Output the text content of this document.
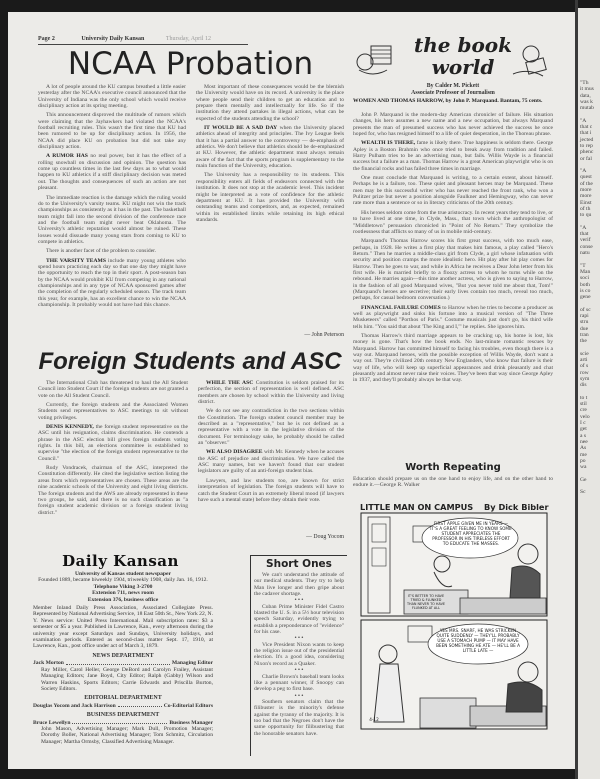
Page 2	University Daily Kansan	Thursday, April 12
NCAA Probation

A lot of people around the KU campus breathed a little easier yesterday after the NCAA's executive council announced that the University of Indiana was the only school which would receive disciplinary action at its spring meeting.

This announcement disproved the multitude of rumors which were claiming that the Jayhawkers had violated the NCAA's football recruiting rules. This wasn't the first time that KU had been rumored to be up for disciplinary action. In 1956, the NCAA did place KU on probation but did not take any disciplinary action.

A RUMOR HAS no real power, but it has the effect of a rolling snowball on discussion and opinion. The question has come up countless times in the last few days as to what would happen to KU athletics if a stiff disciplinary decision was meted out. The thoughts and consequences of such an action are not pleasant.

The immediate reaction is the damage which the ruling would do to the University's varsity teams. KU might not win the track championships as consistently as it has in the past. The basketball team might fall into the second division of the conference race and the football team might never beat Oklahoma. The University's athletic reputation would almost be ruined. These losses would dissuade many young stars from coming to KU to compete in athletics.

There is another facet of the problem to consider.

THE VARSITY TEAMS include many young athletes who spend hours practicing each day so that one day they might have the opportunity to reach the top in their sport. A post-season ban by the NCAA would prohibit KU from competing in any national championships and in any type of NCAA sponsored games after the completion of the regularly scheduled season. The track team this year, for example, has an excellent chance to win the NCAA championship. It probably would not have had this chance.

Most important of these consequences would be the blemish the University would have on its record. A university is the place where people send their children to get an education and to prepare them mentally and intellectually for life. So if the institution they attend partakes in illegal actions, what can be expected of the students attending the school?

IT WOULD BE A SAD DAY when the University placed athletics ahead of integrity and principles. The Ivy League feels that it has a partial answer to the controversy — de-emphasis of athletics. We don't believe that athletics should be de-emphasized at KU. However, the athletic department must always remain aware of the fact that the sports program is supplementary to the main function of the University, education.

The University has a responsibility to its students. This responsibility enters all fields of endeavors connected with the institution. It does not stop at the academic level. This incident might be interpreted as a vote of confidence for the athletic department at KU. It has provided the University with outstanding teams and competitors, and, as expected, remained within its established limits while retaining its high ethical standards.

— John Peterson
the book world
By Calder M. Pickett
Associate Professor of Journalism
WOMEN AND THOMAS HARROW, by John P. Marquand. Bantam, 75 cents.

John P. Marquand is the modern-day American chronicler of failure. His situation changes, his hero assumes a new name and a new occupation, but always Marquand presents the man of presumed success who has never achieved the success he once hoped for, who has resigned himself to a life of quiet desperation, in the Thoreau phrase.

WEALTH IS THERE, fame is likely there. True happiness is seldom there. George Apley is a Boston Brahmin who once tried to break away from tradition and failed. Harry Pulham tries to be an advertising man, but fails. Willis Wayde is a financial success but a failure as a man. Thomas Harrow is a great American playwright who is on the financial rocks and has failed three times in marriage.

One must conclude that Marquand is writing, to a certain extent, about himself. Perhaps he is a failure, too. These quiet and pleasant heroes may be Marquand. These men may be this successful writer who has never reached the front rank, who won a Pulitzer prize but never a position alongside Faulkner and Hemingway, who can never rate more than a sentence or so in literary criticisms of the 20th century.

His heroes seldom come from the true aristocracy. In recent years they tend to live, or to have lived at one time, in Clyde, Mass., that town which the anthropologist of "Middletown" persuasion chronicled in "Point of No Return." They symbolize the rootlessness that afflicts so many of us in mobile mid-century.

Marquand's Thomas Harrow scores his first great success, with too much ease, perhaps, in 1928. He writes a first play that makes him famous, a play called "Hero's Return." Then he marries a middle-class girl from Clyde, a girl whose infatuation with security and position cramps the more idealistic hero. Hit play after hit play comes for Harrow. Then he goes to war, and while in Africa he receives a Dear John letter from his first wife. He is married briefly to a floozy actress to whom he turns while on the rebound. He marries again—this time another actress, who is given to saying to Harrow, in the fashion of all good Marquand wives, "But you never told me about that, Tom!" (Marquand's heroes are secretive; their early lives contain too much, reveal too much, perhaps, for casual bedroom conversation.)

FINANCIAL FAILURE COMES to Harrow when he tries to become a producer as well as playwright and sinks his fortune into a musical version of "The Three Musketeers" called "Porthos of Paris." Costume musicals just don't go, his third wife tells him. "You said that about 'The King and I,'" he replies. She ignores him.

Thomas Harrow's third marriage appears to be cracking up, his home is lost, his money is gone. That's how the book ends. No last-minute romantic rescues by Marquand. Harrow has committed himself to facing his troubles, even though there is a way out. Marquand heroes, with the possible exception of Willis Wayde, don't want a way out. They're civilized 20th century New Englanders, who know that failure is their way of life, who will keep up superficial appearances and drink pleasantly and chat pleasantly and almost never raise their voices. They've been that way since George Apley in 1937, and they'll probably always be that way.

Worth Repeating
Education should prepare us on the one hand to enjoy life, and on the other hand to endure it.—George R. Walker
Foreign Students and ASC

The International Club has threatened to haul the All Student Council into Student Court if the foreign students are not granted a vote on the All Student Council.

Currently, the foreign students and the Associated Women Students send representatives to ASC meetings to sit without voting privileges.

DENIS KENNEDY, the foreign student representative on the ASC until his resignation, claims discrimination. He contends a phrase in the ASC election bill gives foreign students voting rights. In this bill, an elections committee is established to supervise "the election of the foreign student representative to the Council."

Rudy Vondracek, chairman of the ASC, interpreted the Constitution differently. He cited the legislative section listing the areas from which representatives are chosen. These areas are the nine academic schools of the University and eight living districts. The foreign students and the AWS are already represented in these two groups, he said, and there is no such classification as "a foreign student academic division or a foreign student living district."

WHILE THE ASC Constitution is seldom praised for its perfection, the section of representation is well defined. ASC members are chosen by school within the University and living district.

We do not see any contradiction in the two sections within the Constitution. The foreign student council member may be described as a "representative," but he is not defined as a representative with a vote in the legislative division of the document. For terminology sake, he probably should be called an "observer."

WE ALSO DISAGREE with Mr. Kennedy when he accuses the ASC of prejudice and discrimination. We have called the ASC many names, but we haven't found that our student legislators are guilty of an anti-foreign student bias.

Lawyers, and law students too, are known for strict interpretation of legislation. The foreign students will have to catch the Student Court in an extremely liberal mood (if lawyers have such a mental state) before they obtain their vote.

— Doug Yocom
Daily Kansan

University of Kansas student newspaper

Founded 1889, became biweekly 1904, triweekly 1908, daily Jan. 16, 1912.

Telephone Viking 3-2700

Extension 711, news room

Extension 376, business office

Member Inland Daily Press Association, Associated Collegiate Press. Represented by National Advertising Service, 18 East 50th St., New York 22, N. Y. News service: United Press International. Mail subscription rates: $3 a semester or $5 a year. Published in Lawrence, Kan., every afternoon during the university year except Saturdays and Sundays, University holidays, and examination periods. Entered as second-class matter Sept. 17, 1910, at Lawrence, Kan., post office under act of March 3, 1879.

NEWS DEPARTMENT
Jack Morton	Managing Editor

Ray Miller, Carol Heller, George DeBord and Carolyn Frailey, Assistant Managing Editors; Jane Boyd, City Editor; Ralph (Gabby) Wilson and Warren Haskins, Sports Editors; Carrie Edwards and Priscilla Burton, Society Editors.

EDITORIAL DEPARTMENT
Douglas Yocom and Jack Harrison	Co-Editorial Editors
BUSINESS DEPARTMENT
Bruce Lewellyn	Business Manager

John Mason, Advertising Manager; Mark Dull, Promotion Manager; Dorothy Boller, National Advertising Manager; Tom Schmitz, Circulation Manager; Martha Ormsby, Classified Advertising Manager.

Short Ones

We can't understand the attitude of our medical students. They try to help Man live longer and then gripe about the cadaver shortage.

• • •

Cuban Prime Minister Fidel Castro blasted the U. S. in a 5½ hour television speech Saturday, evidently trying to establish a preponderance of "evidence" for his case.

• • •

Vice President Nixon wants to keep the religion issue out of the presidential election. It's a good idea, considering Nixon's record as a Quaker.

• • •

Charlie Brown's baseball team looks like a pennant winner, if Snoopy can develop a peg to first base.

• • •

Southern senators claim that the filibuster is the minority's defense against the tyranny of the majority. It is too bad that the Negroes don't have the same opportunity for filibustering that the honorable senators have.

LITTLE MAN ON CAMPUS By Dick Bibler
FIRST APPLE GIVEN ME IN YEARS — IT'S A GREAT FEELING TO KNOW SOME STUDENT APPRECIATES THE PROFESSOR IN HIS TIRELESS EFFORT TO EDUCATE THE MASSES.
IT'S BETTER TO HAVE TRIED & FLUNKED THAN NEVER TO HAVE FLUNKED AT ALL
YES MRS. SNARF, HE WAS STRICKEN QUITE SUDDENLY — THEY'LL PROBABLY USE A STOMACH PUMP — IT MAY HAVE BEEN SOMETHING HE ATE — HE'LL BE A LITTLE LATE —
4-12
"Th
it mus
data,
was k
mutab

"A
that c
that i
jected
to rep
phenc
or fal

"A
quest
of the
more
more
Einst
of th
to qu

"A
that
verif
conse
natu

"T
Man
soci
both
is co
gene

of sc
rapi
stru
due
tran
the

scie
arti
of s
row
sym
dis

to t
stil
cre
velo
I c
get
a s
nee
As
me
po
wa

Ge

Sc
